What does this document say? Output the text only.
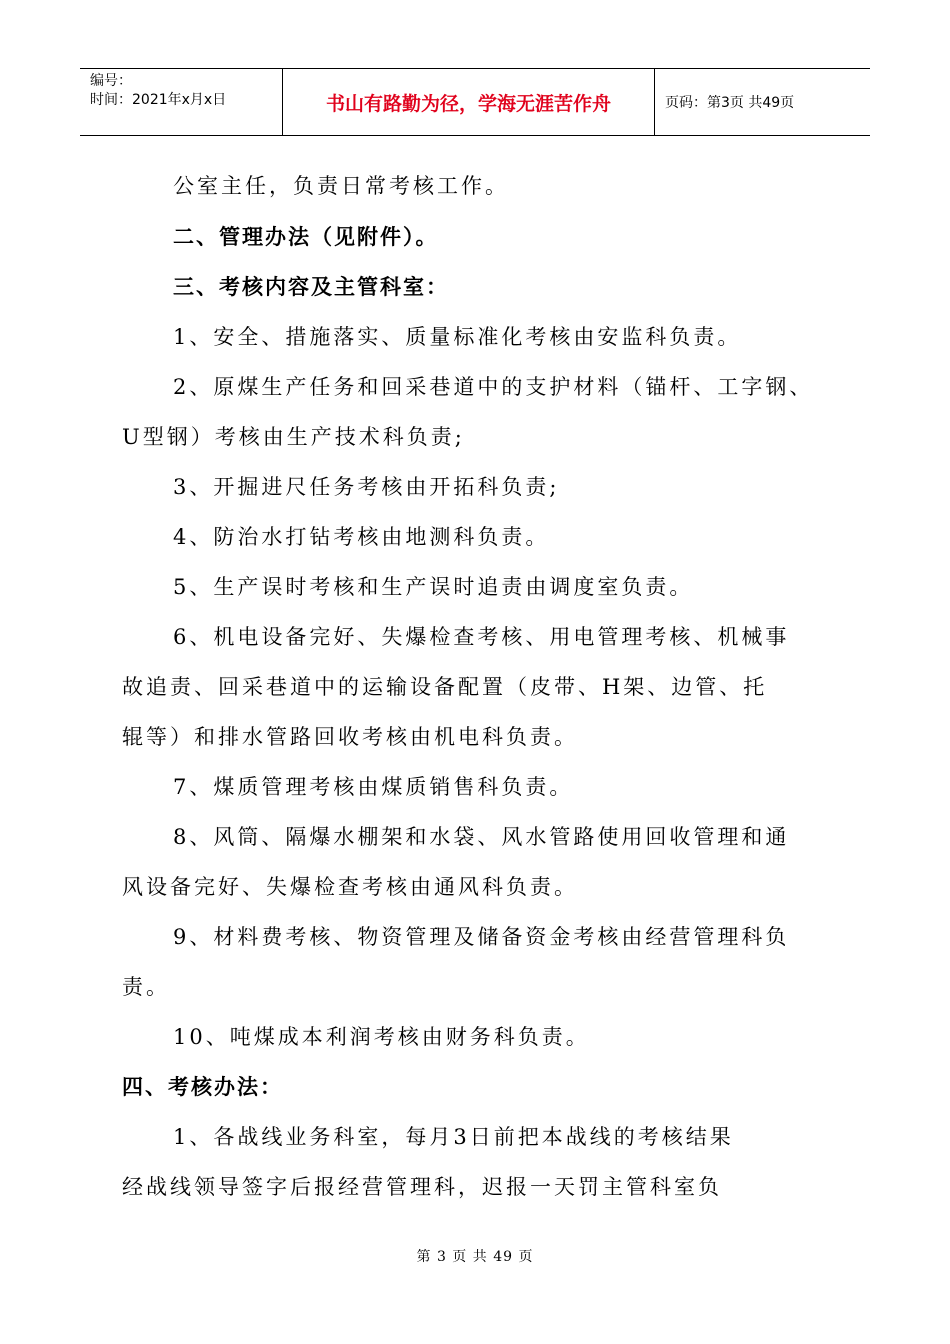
编号：
时间：2021年x月x日	书山有路勤为径，学海无涯苦作舟	页码：第3页 共49页
公室主任，负责日常考核工作。
二、管理办法（见附件）。
三、考核内容及主管科室：
1、安全、措施落实、质量标准化考核由安监科负责。
2、原煤生产任务和回采巷道中的支护材料（锚杆、工字钢、
U型钢）考核由生产技术科负责;
3、开掘进尺任务考核由开拓科负责;
4、防治水打钻考核由地测科负责。
5、生产误时考核和生产误时追责由调度室负责。
6、机电设备完好、失爆检查考核、用电管理考核、机械事
故追责、回采巷道中的运输设备配置（皮带、H架、边管、托
辊等）和排水管路回收考核由机电科负责。
7、煤质管理考核由煤质销售科负责。
8、风筒、隔爆水棚架和水袋、风水管路使用回收管理和通
风设备完好、失爆检查考核由通风科负责。
9、材料费考核、物资管理及储备资金考核由经营管理科负
责。
10、吨煤成本利润考核由财务科负责。
四、考核办法：
1、各战线业务科室，每月3日前把本战线的考核结果
经战线领导签字后报经营管理科，迟报一天罚主管科室负
第 3 页 共 49 页
